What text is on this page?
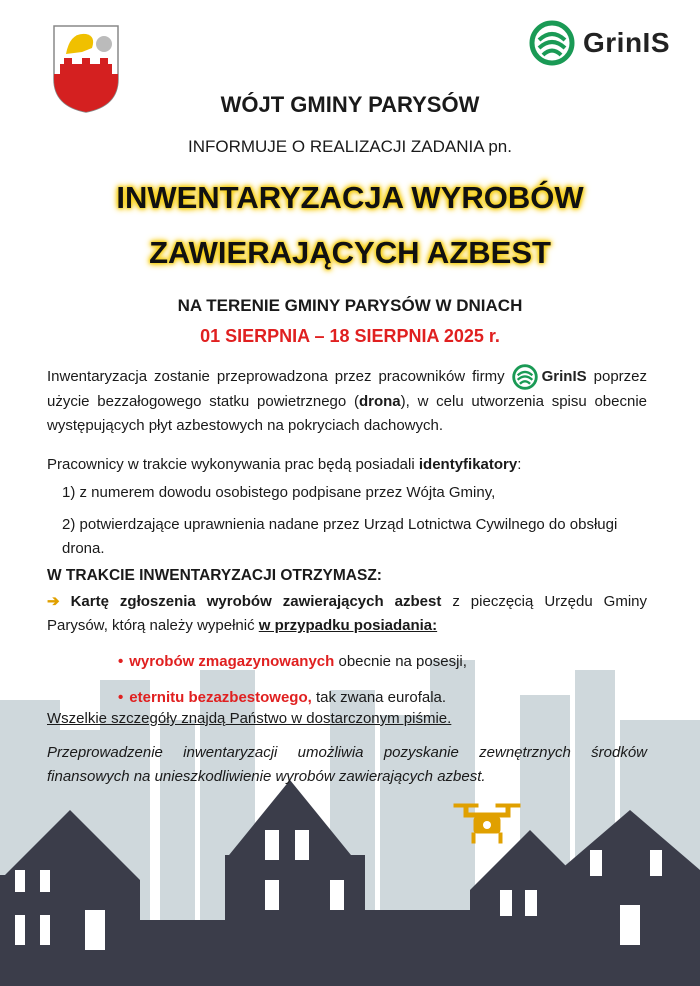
GrinIS
WÓJT GMINY PARYSÓW
INFORMUJE O REALIZACJI ZADANIA pn.
INWENTARYZACJA WYROBÓW
ZAWIERAJĄCYCH AZBEST
NA TERENIE GMINY PARYSÓW W DNIACH
01 SIERPNIA – 18 SIERPNIA 2025 r.
Inwentaryzacja zostanie przeprowadzona przez pracowników firmy GrinIS poprzez użycie bezzałogowego statku powietrznego (drona), w celu utworzenia spisu obecnie występujących płyt azbestowych na pokryciach dachowych.
Pracownicy w trakcie wykonywania prac będą posiadali identyfikatory:
1) z numerem dowodu osobistego podpisane przez Wójta Gminy,
2) potwierdzające uprawnienia nadane przez Urząd Lotnictwa Cywilnego do obsługi drona.
W TRAKCIE INWENTARYZACJI OTRZYMASZ:
➔ Kartę zgłoszenia wyrobów zawierających azbest z pieczęcią Urzędu Gminy Parysów, którą należy wypełnić w przypadku posiadania:
• wyrobów zmagazynowanych obecnie na posesji,
• eternitu bezazbestowego, tak zwana eurofala.
Wszelkie szczegóły znajdą Państwo w dostarczonym piśmie.
Przeprowadzenie inwentaryzacji umożliwia pozyskanie zewnętrznych środków finansowych na unieszkodliwienie wyrobów zawierających azbest.
